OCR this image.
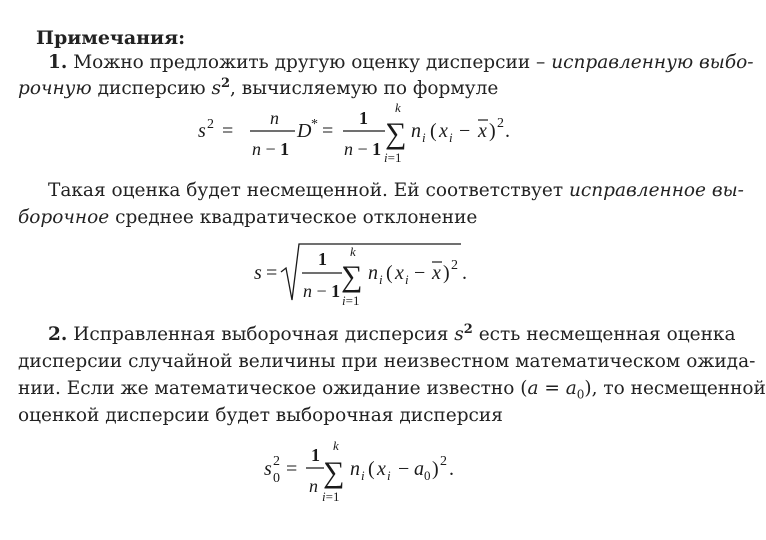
Примечания:
1. Можно предложить другую оценку дисперсии – исправленную выбо-
рочную дисперсию $s^2$, вычисляемую по формуле
Такая оценка будет несмещенной. Ей соответствует исправленное вы-
борочное среднее квадратическое отклонение
2. Исправленная выборочная дисперсия $s^2$ есть несмещенная оценка
дисперсии случайной величины при неизвестном математическом ожида-
нии. Если же математическое ожидание известно $(a = a_0)$, то несмещенной
оценкой дисперсии будет выборочная дисперсия
s 2 =
n
n − 1
D * =
1
n − 1
k
∑
i=1
n i ( x i − x ) 2 .
s =
1
n − 1
k
∑
i=1
n i ( x i − x ) 2 .
s 2
0 =
1
n
k
∑
i=1
n i ( x i − a 0 ) 2 .
